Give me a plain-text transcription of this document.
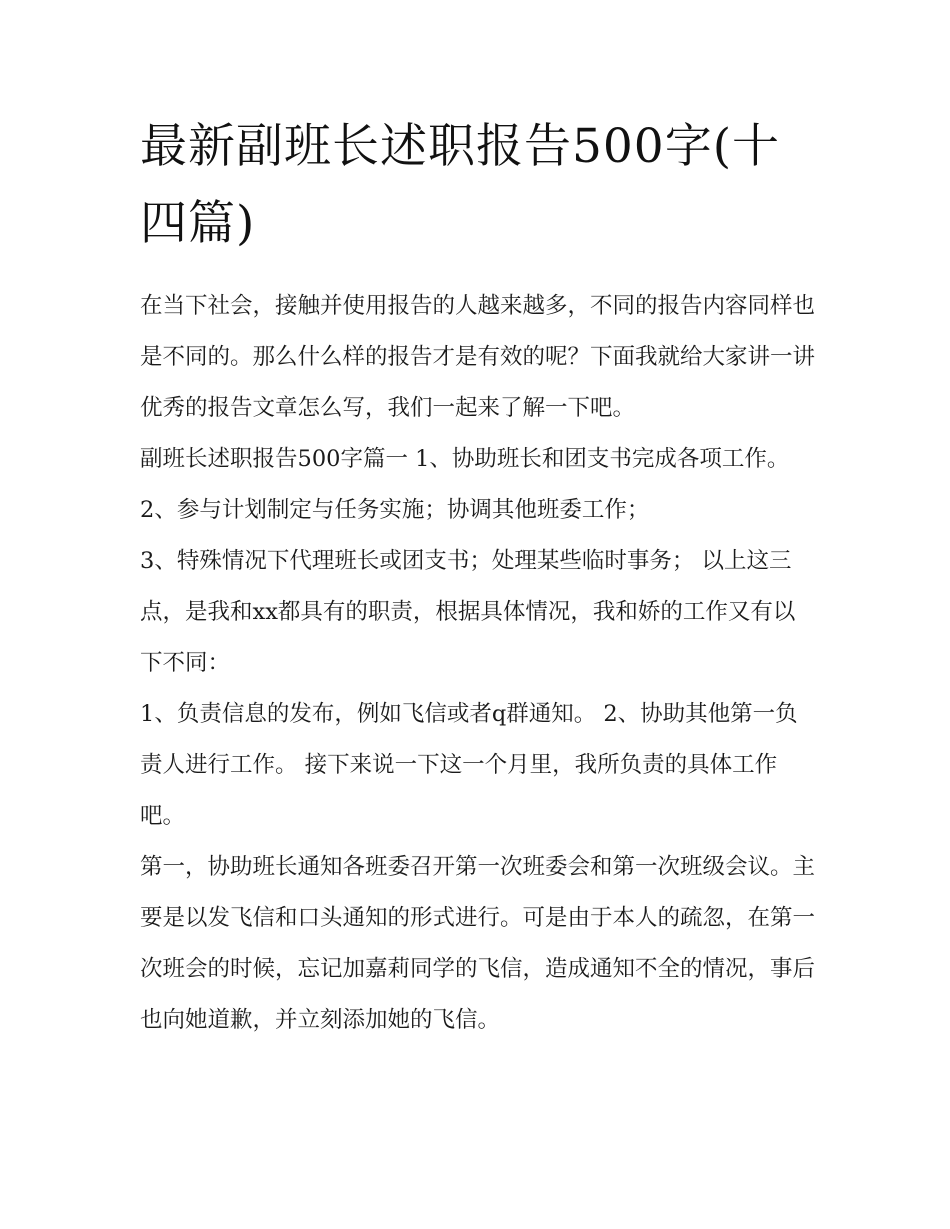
最新副班长述职报告500字(十四篇)

在当下社会，接触并使用报告的人越来越多，不同的报告内容同样也是不同的。那么什么样的报告才是有效的呢？下面我就给大家讲一讲优秀的报告文章怎么写，我们一起来了解一下吧。

副班长述职报告500字篇一 1、协助班长和团支书完成各项工作。 2、参与计划制定与任务实施；协调其他班委工作；

3、特殊情况下代理班长或团支书；处理某些临时事务； 以上这三点，是我和xx都具有的职责，根据具体情况，我和娇的工作又有以下不同：

1、负责信息的发布，例如飞信或者q群通知。 2、协助其他第一负责人进行工作。 接下来说一下这一个月里，我所负责的具体工作吧。

第一，协助班长通知各班委召开第一次班委会和第一次班级会议。主要是以发飞信和口头通知的形式进行。可是由于本人的疏忽，在第一次班会的时候，忘记加嘉莉同学的飞信，造成通知不全的情况，事后也向她道歉，并立刻添加她的飞信。
